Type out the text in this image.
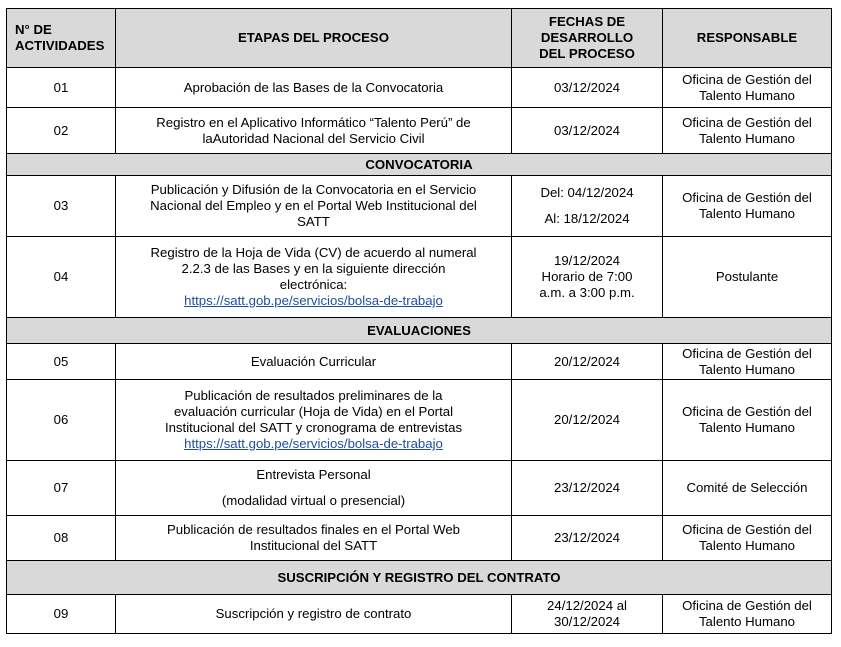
N° DE
ACTIVIDADES	ETAPAS DEL PROCESO	FECHAS DE
DESARROLLO
DEL PROCESO	RESPONSABLE
01	Aprobación de las Bases de la Convocatoria	03/12/2024	Oficina de Gestión del
Talento Humano

02	Registro en el Aplicativo Informático “Talento Perú” de
laAutoridad Nacional del Servicio Civil	03/12/2024	Oficina de Gestión del
Talento Humano

CONVOCATORIA			
03	Publicación y Difusión de la Convocatoria en el Servicio
Nacional del Empleo y en el Portal Web Institucional del
SATT	Del: 04/12/2024
Al: 18/12/2024	Oficina de Gestión del
Talento Humano

04	Registro de la Hoja de Vida (CV) de acuerdo al numeral
2.2.3 de las Bases y en la siguiente dirección
electrónica:
https://satt.gob.pe/servicios/bolsa-de-trabajo	19/12/2024
Horario de 7:00
a.m. a 3:00 p.m.	Postulante

EVALUACIONES			
05	Evaluación Curricular	20/12/2024	Oficina de Gestión del
Talento Humano

06	Publicación de resultados preliminares de la
evaluación curricular (Hoja de Vida) en el Portal
Institucional del SATT y cronograma de entrevistas
https://satt.gob.pe/servicios/bolsa-de-trabajo	20/12/2024	Oficina de Gestión del
Talento Humano

07	Entrevista Personal
(modalidad virtual o presencial)	23/12/2024	Comité de Selección

08	Publicación de resultados finales en el Portal Web
Institucional del SATT	23/12/2024	Oficina de Gestión del
Talento Humano

SUSCRIPCIÓN Y REGISTRO DEL CONTRATO			
09	Suscripción y registro de contrato	24/12/2024 al
30/12/2024	Oficina de Gestión del
Talento Humano
